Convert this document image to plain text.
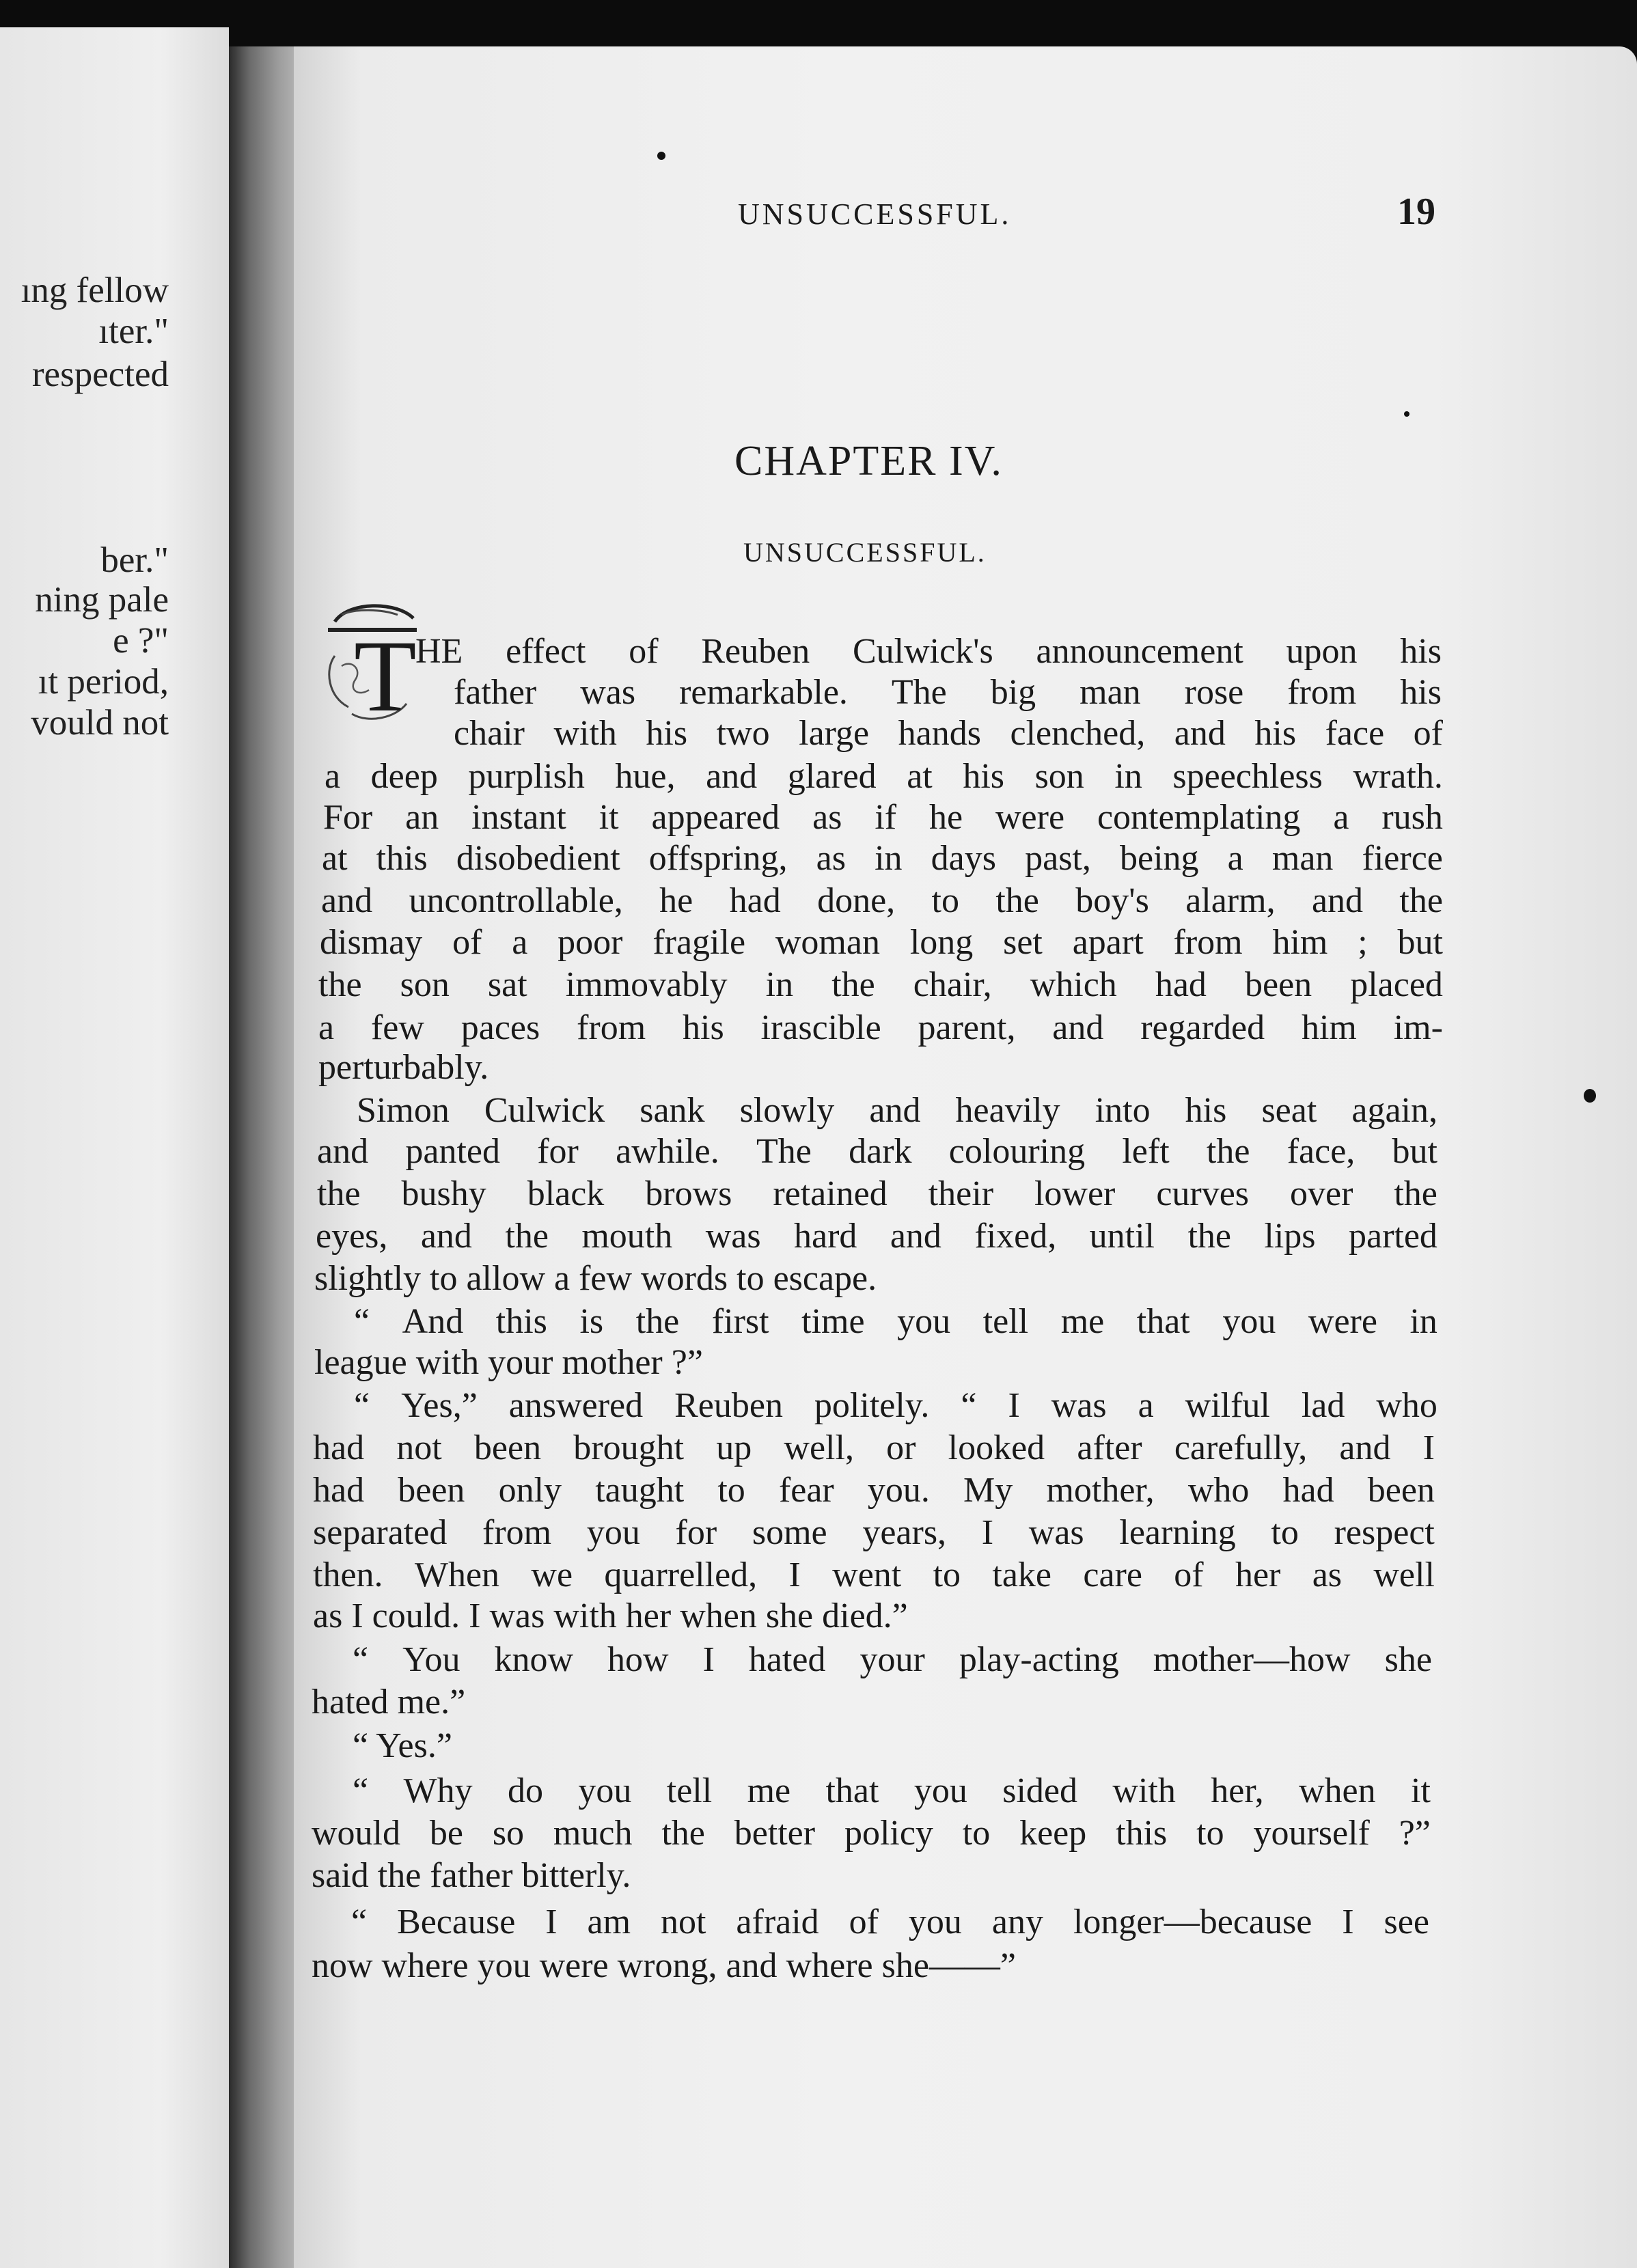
ıng fellow
ıter."
respected
ber."
ning pale
e ?"
ıt period,
vould not
UNSUCCESSFUL.	19
CHAPTER IV.
UNSUCCESSFUL.
T
HE effect of Reuben Culwick's announcement upon his
father was remarkable. The big man rose from his
chair with his two large hands clenched, and his face of
a deep purplish hue, and glared at his son in speechless wrath.
For an instant it appeared as if he were contemplating a rush
at this disobedient offspring, as in days past, being a man fierce
and uncontrollable, he had done, to the boy's alarm, and the
dismay of a poor fragile woman long set apart from him ; but
the son sat immovably in the chair, which had been placed
a few paces from his irascible parent, and regarded him im-
perturbably.
Simon Culwick sank slowly and heavily into his seat again,
and panted for awhile. The dark colouring left the face, but
the bushy black brows retained their lower curves over the
eyes, and the mouth was hard and fixed, until the lips parted
slightly to allow a few words to escape.
“ And this is the first time you tell me that you were in
league with your mother ?”
“ Yes,” answered Reuben politely. “ I was a wilful lad who
had not been brought up well, or looked after carefully, and I
had been only taught to fear you. My mother, who had been
separated from you for some years, I was learning to respect
then. When we quarrelled, I went to take care of her as well
as I could. I was with her when she died.”
“ You know how I hated your play-acting mother—how she
hated me.”
“ Yes.”
“ Why do you tell me that you sided with her, when it
would be so much the better policy to keep this to yourself ?”
said the father bitterly.
“ Because I am not afraid of you any longer—because I see
now where you were wrong, and where she——”
